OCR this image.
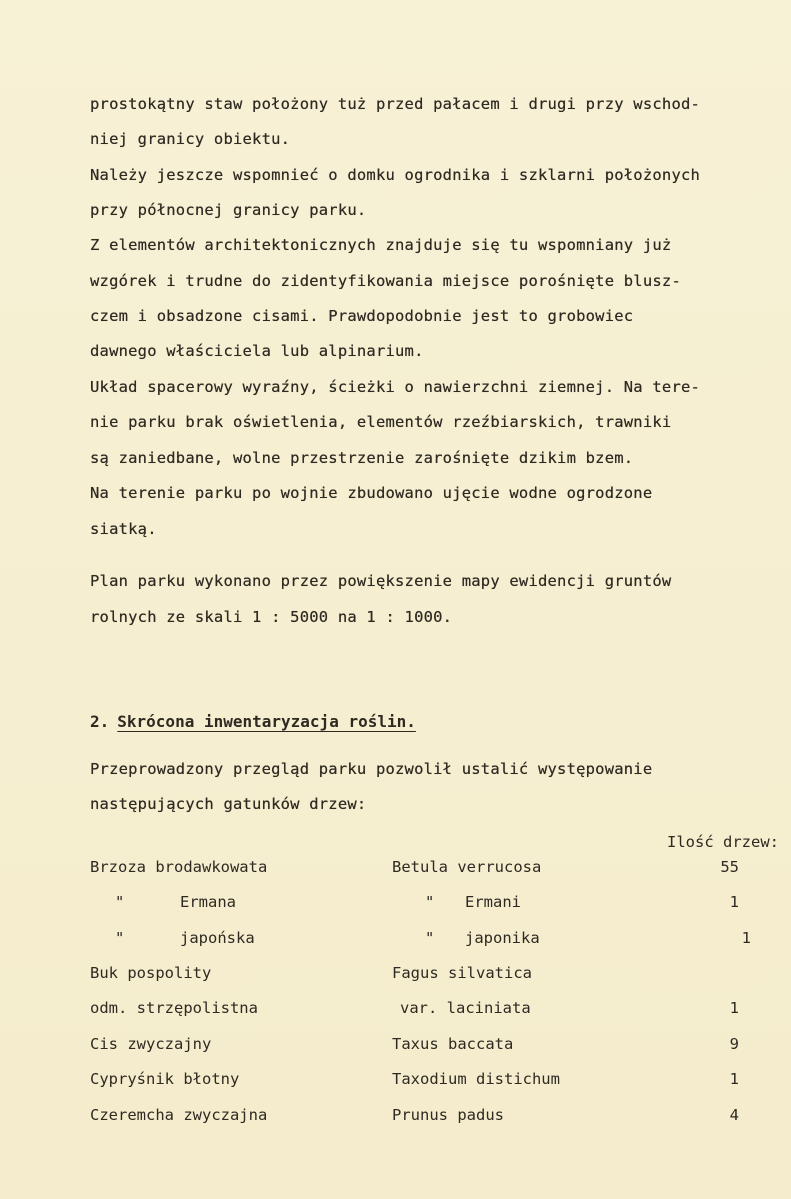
prostokątny staw położony tuż przed pałacem i drugi przy wschod-
niej granicy obiektu.
Należy jeszcze wspomnieć o domku ogrodnika i szklarni położonych
przy północnej granicy parku.
Z elementów architektonicznych znajduje się tu wspomniany już
wzgórek i trudne do zidentyfikowania miejsce porośnięte blusz-
czem i obsadzone cisami. Prawdopodobnie jest to grobowiec
dawnego właściciela lub alpinarium.
Układ spacerowy wyraźny, ścieżki o nawierzchni ziemnej. Na tere-
nie parku brak oświetlenia, elementów rzeźbiarskich, trawniki
są zaniedbane, wolne przestrzenie zarośnięte dzikim bzem.
Na terenie parku po wojnie zbudowano ujęcie wodne ogrodzone
siatką.
Plan parku wykonano przez powiększenie mapy ewidencji gruntów
rolnych ze skali 1 : 5000 na 1 : 1000.
2. Skrócona inwentaryzacja roślin.
Przeprowadzony przegląd parku pozwolił ustalić występowanie
następujących gatunków drzew:
Ilość drzew:
Brzoza brodawkowata	Betula verrucosa	55
"	Ermana	" Ermani	1
"	japońska	" japonika	1
Buk pospolity	Fagus silvatica
odm. strzępolistna	var. laciniata	1
Cis zwyczajny	Taxus baccata	9
Cypryśnik błotny	Taxodium distichum	1
Czeremcha zwyczajna	Prunus padus	4
